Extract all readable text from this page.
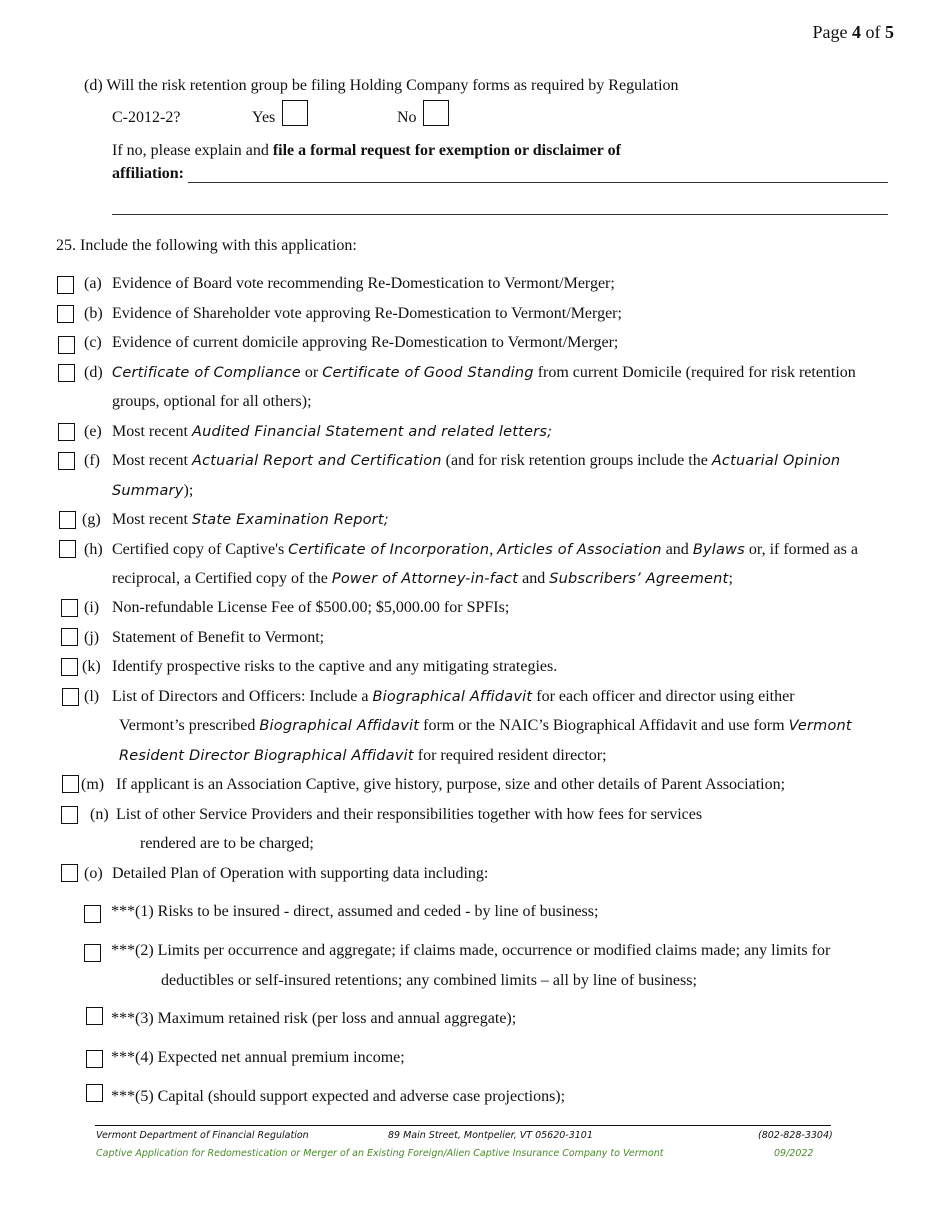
Page 4 of 5
(d) Will the risk retention group be filing Holding Company forms as required by Regulation
C-2012-2?	Yes	No
If no, please explain and file a formal request for exemption or disclaimer of
affiliation:
25. Include the following with this application:
(a) Evidence of Board vote recommending Re-Domestication to Vermont/Merger;
(b) Evidence of Shareholder vote approving Re-Domestication to Vermont/Merger;
(c) Evidence of current domicile approving Re-Domestication to Vermont/Merger;
(d) Certificate of Compliance or Certificate of Good Standing from current Domicile (required for risk retention
groups, optional for all others);
(e) Most recent Audited Financial Statement and related letters;
(f) Most recent Actuarial Report and Certification (and for risk retention groups include the Actuarial Opinion
Summary);
(g) Most recent State Examination Report;
(h) Certified copy of Captive's Certificate of Incorporation, Articles of Association and Bylaws or, if formed as a
reciprocal, a Certified copy of the Power of Attorney-in-fact and Subscribers’ Agreement;
(i) Non-refundable License Fee of $500.00; $5,000.00 for SPFIs;
(j) Statement of Benefit to Vermont;
(k) Identify prospective risks to the captive and any mitigating strategies.
(l) List of Directors and Officers: Include a Biographical Affidavit for each officer and director using either
Vermont’s prescribed Biographical Affidavit form or the NAIC’s Biographical Affidavit and use form Vermont
Resident Director Biographical Affidavit for required resident director;
(m) If applicant is an Association Captive, give history, purpose, size and other details of Parent Association;
(n) List of other Service Providers and their responsibilities together with how fees for services
rendered are to be charged;
(o) Detailed Plan of Operation with supporting data including:
***(1) Risks to be insured - direct, assumed and ceded - by line of business;
***(2) Limits per occurrence and aggregate; if claims made, occurrence or modified claims made; any limits for
deductibles or self-insured retentions; any combined limits – all by line of business;
***(3) Maximum retained risk (per loss and annual aggregate);
***(4) Expected net annual premium income;
***(5) Capital (should support expected and adverse case projections);
Vermont Department of Financial Regulation	89 Main Street, Montpelier, VT 05620-3101	(802-828-3304)
Captive Application for Redomestication or Merger of an Existing Foreign/Alien Captive Insurance Company to Vermont	09/2022
